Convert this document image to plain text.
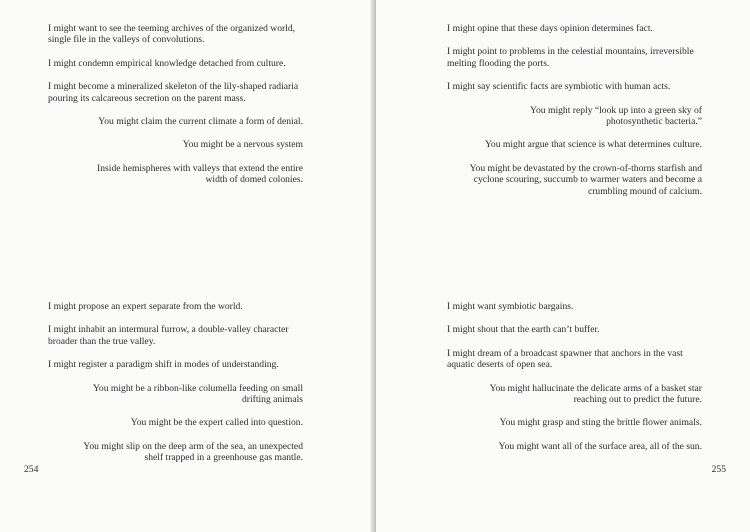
I might want to see the teeming archives of the organized world, single file in the valleys of convolutions.

I might condemn empirical knowledge detached from culture.

I might become a mineralized skeleton of the lily-shaped radiaria pouring its calcareous secretion on the parent mass.

You might claim the current climate a form of denial.

You might be a nervous system

Inside hemispheres with valleys that extend the entire width of domed colonies.

I might propose an expert separate from the world.

I might inhabit an intermural furrow, a double-valley character broader than the true valley.

I might register a paradigm shift in modes of understanding.

You might be a ribbon-like columella feeding on small drifting animals

You might be the expert called into question.

You might slip on the deep arm of the sea, an unexpected shelf trapped in a greenhouse gas mantle.

254

I might opine that these days opinion determines fact.

I might point to problems in the celestial mountains, irreversible melting flooding the ports.

I might say scientific facts are symbiotic with human acts.

You might reply “look up into a green sky of photosynthetic bacteria.”

You might argue that science is what determines culture.

You might be devastated by the crown-of-thorns starfish and cyclone scouring, succumb to warmer waters and become a crumbling mound of calcium.

I might want symbiotic bargains.

I might shout that the earth can’t buffer.

I might dream of a broadcast spawner that anchors in the vast aquatic deserts of open sea.

You might hallucinate the delicate arms of a basket star reaching out to predict the future.

You might grasp and sting the brittle flower animals.

You might want all of the surface area, all of the sun.

255
